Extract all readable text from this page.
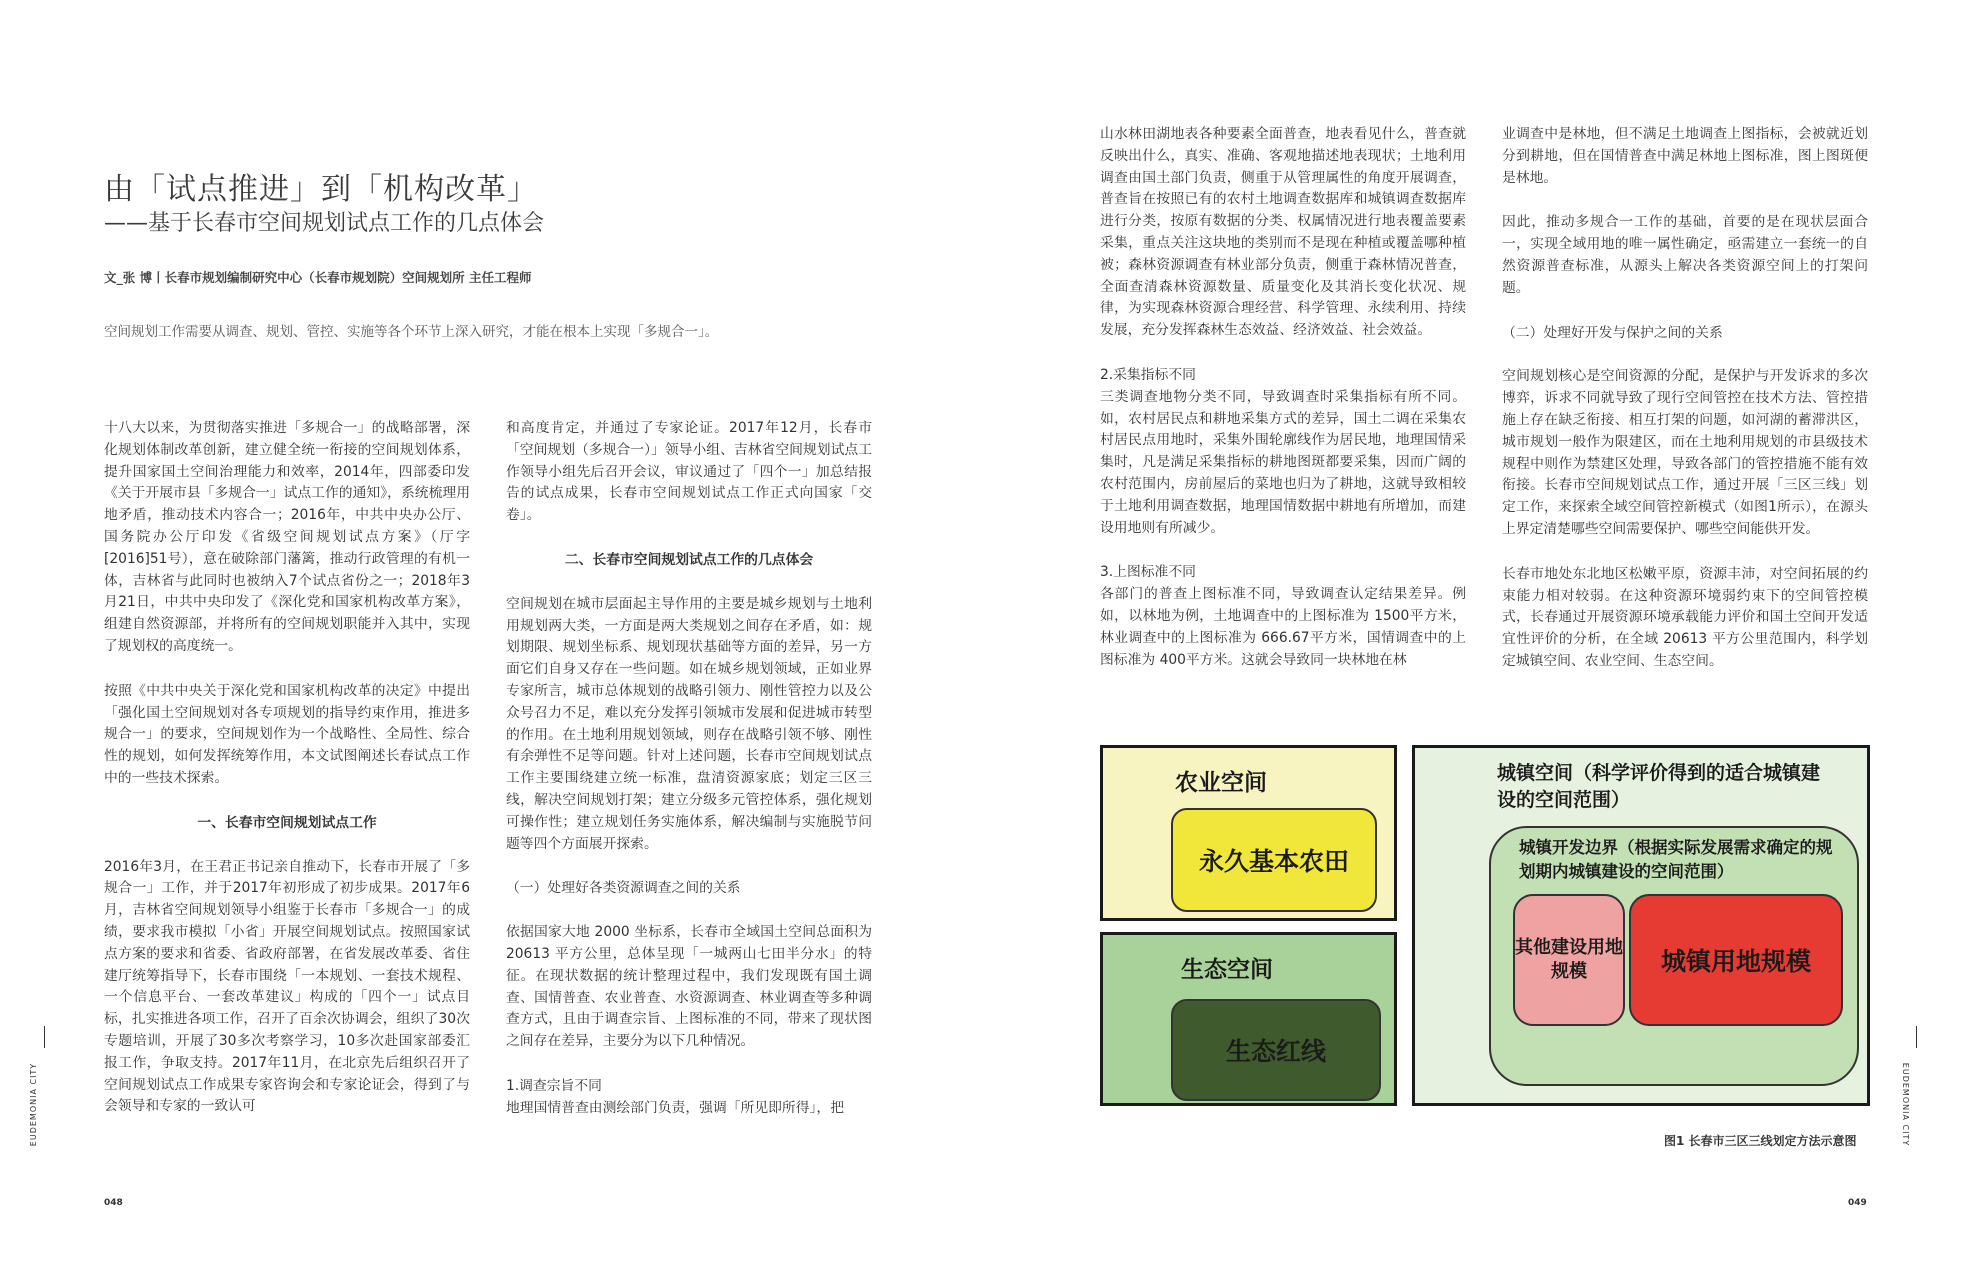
由「试点推进」到「机构改革」
——基于长春市空间规划试点工作的几点体会
文_张 博丨长春市规划编制研究中心（长春市规划院）空间规划所 主任工程师
空间规划工作需要从调查、规划、管控、实施等各个环节上深入研究，才能在根本上实现「多规合一」。

十八大以来，为贯彻落实推进「多规合一」的战略部署，深化规划体制改革创新，建立健全统一衔接的空间规划体系，提升国家国土空间治理能力和效率，2014年，四部委印发《关于开展市县「多规合一」试点工作的通知》，系统梳理用地矛盾，推动技术内容合一；2016年，中共中央办公厅、国务院办公厅印发《省级空间规划试点方案》（厅字[2016]51号），意在破除部门藩篱，推动行政管理的有机一体，吉林省与此同时也被纳入7个试点省份之一；2018年3月21日，中共中央印发了《深化党和国家机构改革方案》，组建自然资源部，并将所有的空间规划职能并入其中，实现了规划权的高度统一。

按照《中共中央关于深化党和国家机构改革的决定》中提出「强化国土空间规划对各专项规划的指导约束作用，推进多规合一」的要求，空间规划作为一个战略性、全局性、综合性的规划，如何发挥统筹作用，本文试图阐述长春试点工作中的一些技术探索。

一、长春市空间规划试点工作

2016年3月，在王君正书记亲自推动下，长春市开展了「多规合一」工作，并于2017年初形成了初步成果。2017年6月，吉林省空间规划领导小组鉴于长春市「多规合一」的成绩，要求我市模拟「小省」开展空间规划试点。按照国家试点方案的要求和省委、省政府部署，在省发展改革委、省住建厅统筹指导下，长春市围绕「一本规划、一套技术规程、一个信息平台、一套改革建议」构成的「四个一」试点目标，扎实推进各项工作，召开了百余次协调会，组织了30次专题培训，开展了30多次考察学习，10多次赴国家部委汇报工作，争取支持。2017年11月，在北京先后组织召开了空间规划试点工作成果专家咨询会和专家论证会，得到了与会领导和专家的一致认可

和高度肯定，并通过了专家论证。2017年12月，长春市「空间规划（多规合一）」领导小组、吉林省空间规划试点工作领导小组先后召开会议，审议通过了「四个一」加总结报告的试点成果，长春市空间规划试点工作正式向国家「交卷」。

二、长春市空间规划试点工作的几点体会

空间规划在城市层面起主导作用的主要是城乡规划与土地利用规划两大类，一方面是两大类规划之间存在矛盾，如：规划期限、规划坐标系、规划现状基础等方面的差异，另一方面它们自身又存在一些问题。如在城乡规划领域，正如业界专家所言，城市总体规划的战略引领力、刚性管控力以及公众号召力不足，难以充分发挥引领城市发展和促进城市转型的作用。在土地利用规划领域，则存在战略引领不够、刚性有余弹性不足等问题。针对上述问题，长春市空间规划试点工作主要围绕建立统一标准，盘清资源家底；划定三区三线，解决空间规划打架；建立分级多元管控体系，强化规划可操作性；建立规划任务实施体系，解决编制与实施脱节问题等四个方面展开探索。

（一）处理好各类资源调查之间的关系

依据国家大地 2000 坐标系，长春市全域国土空间总面积为 20613 平方公里，总体呈现「一城两山七田半分水」的特征。在现状数据的统计整理过程中，我们发现既有国土调查、国情普查、农业普查、水资源调查、林业调查等多种调查方式，且由于调查宗旨、上图标准的不同，带来了现状图之间存在差异，主要分为以下几种情况。

1.调查宗旨不同

地理国情普查由测绘部门负责，强调「所见即所得」，把

山水林田湖地表各种要素全面普查，地表看见什么，普查就反映出什么，真实、准确、客观地描述地表现状；土地利用调查由国土部门负责，侧重于从管理属性的角度开展调查，普查旨在按照已有的农村土地调查数据库和城镇调查数据库进行分类，按原有数据的分类、权属情况进行地表覆盖要素采集，重点关注这块地的类别而不是现在种植或覆盖哪种植被；森林资源调查有林业部分负责，侧重于森林情况普查，全面查清森林资源数量、质量变化及其消长变化状况、规律，为实现森林资源合理经营、科学管理、永续利用、持续发展，充分发挥森林生态效益、经济效益、社会效益。

2.采集指标不同

三类调查地物分类不同，导致调查时采集指标有所不同。如，农村居民点和耕地采集方式的差异，国土二调在采集农村居民点用地时，采集外围轮廓线作为居民地，地理国情采集时，凡是满足采集指标的耕地图斑都要采集，因而广阔的农村范围内，房前屋后的菜地也归为了耕地，这就导致相较于土地利用调查数据，地理国情数据中耕地有所增加，而建设用地则有所减少。

3.上图标准不同

各部门的普查上图标准不同，导致调查认定结果差异。例如，以林地为例，土地调查中的上图标准为 1500平方米，林业调查中的上图标准为 666.67平方米，国情调查中的上图标准为 400平方米。这就会导致同一块林地在林

业调查中是林地，但不满足土地调查上图指标，会被就近划分到耕地，但在国情普查中满足林地上图标准，图上图斑便是林地。

因此，推动多规合一工作的基础，首要的是在现状层面合一，实现全域用地的唯一属性确定，亟需建立一套统一的自然资源普查标准，从源头上解决各类资源空间上的打架问题。

（二）处理好开发与保护之间的关系

空间规划核心是空间资源的分配，是保护与开发诉求的多次博弈，诉求不同就导致了现行空间管控在技术方法、管控措施上存在缺乏衔接、相互打架的问题，如河湖的蓄滞洪区，城市规划一般作为限建区，而在土地利用规划的市县级技术规程中则作为禁建区处理，导致各部门的管控措施不能有效衔接。长春市空间规划试点工作，通过开展「三区三线」划定工作，来探索全域空间管控新模式（如图1所示），在源头上界定清楚哪些空间需要保护、哪些空间能供开发。

长春市地处东北地区松嫩平原，资源丰沛，对空间拓展的约束能力相对较弱。在这种资源环境弱约束下的空间管控模式，长春通过开展资源环境承载能力评价和国土空间开发适宜性评价的分析，在全域 20613 平方公里范围内，科学划定城镇空间、农业空间、生态空间。

农业空间
永久基本农田
生态空间
生态红线
城镇空间（科学评价得到的适合城镇建设的空间范围）
城镇开发边界（根据实际发展需求确定的规划期内城镇建设的空间范围）
其他建设用地规模	城镇用地规模
图1 长春市三区三线划定方法示意图
048	049
EUDEMONIA CITY	EUDEMONIA CITY
